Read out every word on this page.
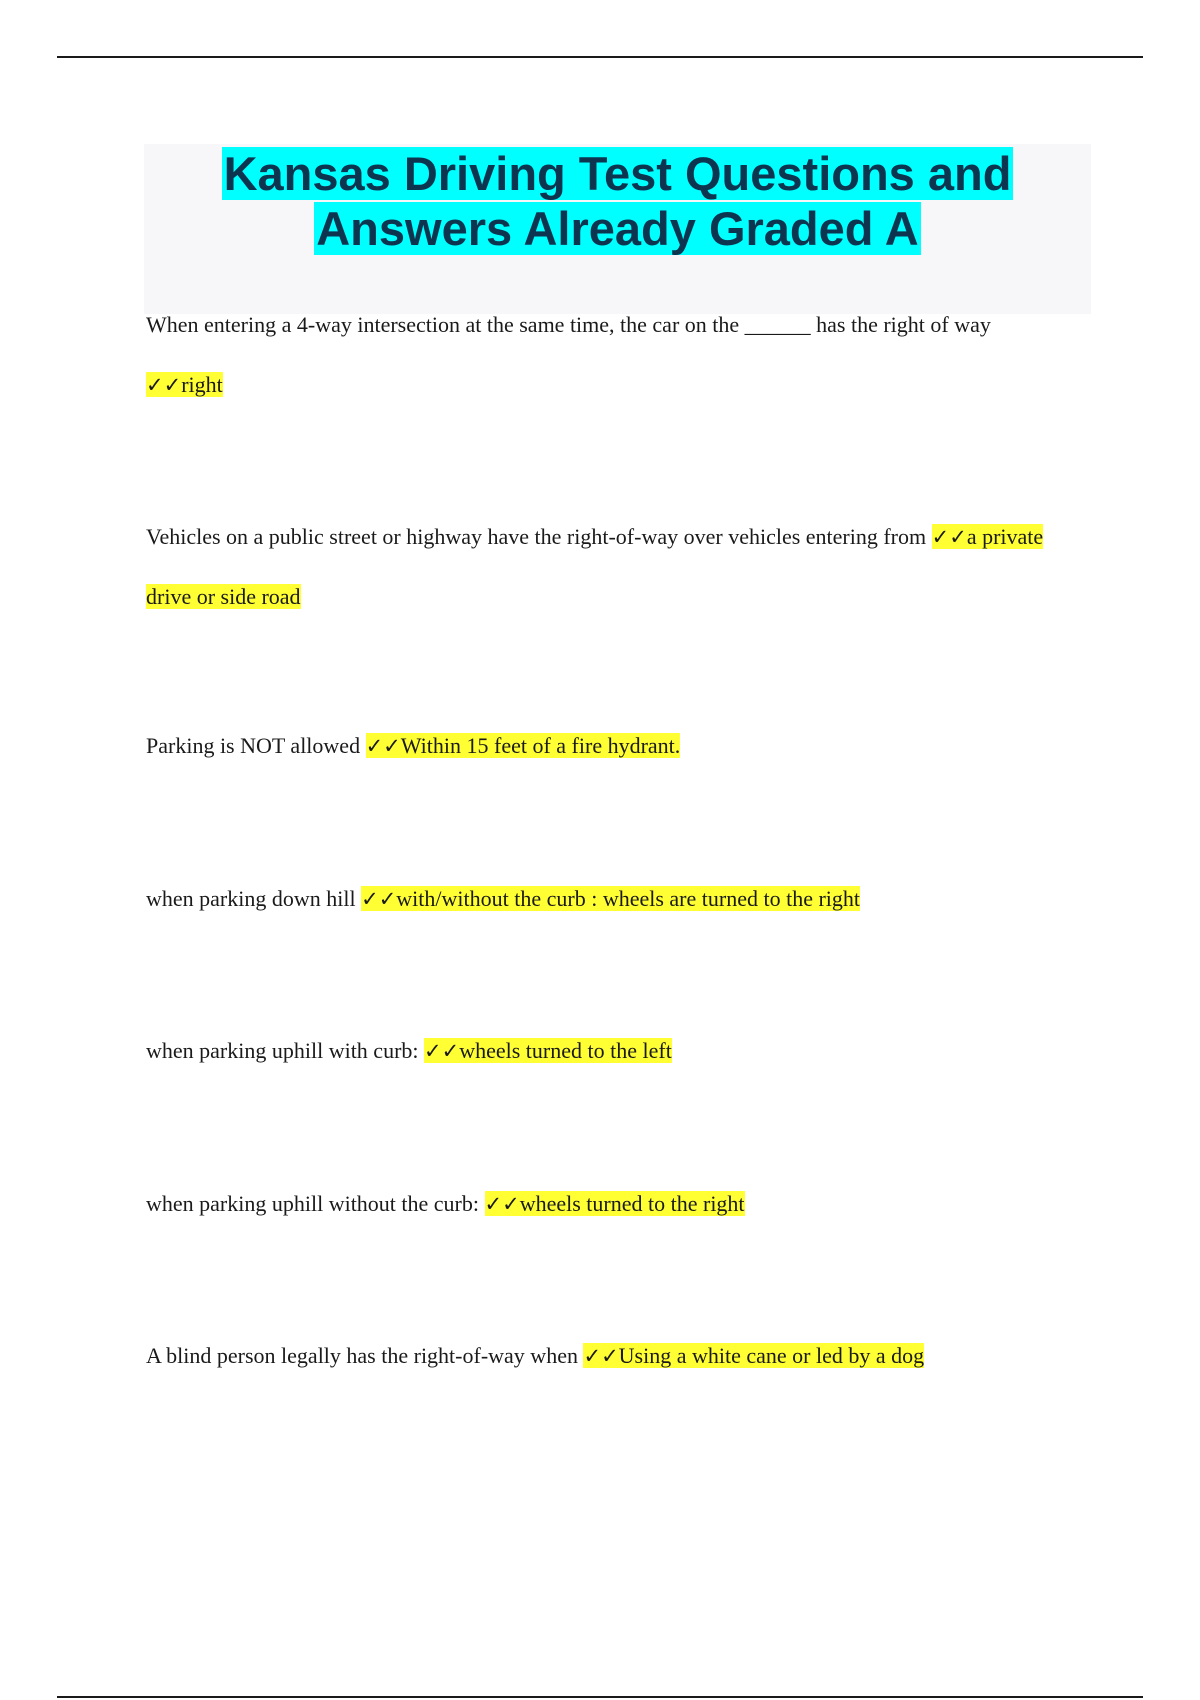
Kansas Driving Test Questions and
Answers Already Graded A

When entering a 4-way intersection at the same time, the car on the ______ has the right of way
✓✓right

Vehicles on a public street or highway have the right-of-way over vehicles entering from ✓✓a private drive or side road

Parking is NOT allowed ✓✓Within 15 feet of a fire hydrant.

when parking down hill ✓✓with/without the curb : wheels are turned to the right

when parking uphill with curb: ✓✓wheels turned to the left

when parking uphill without the curb: ✓✓wheels turned to the right

A blind person legally has the right-of-way when ✓✓Using a white cane or led by a dog
